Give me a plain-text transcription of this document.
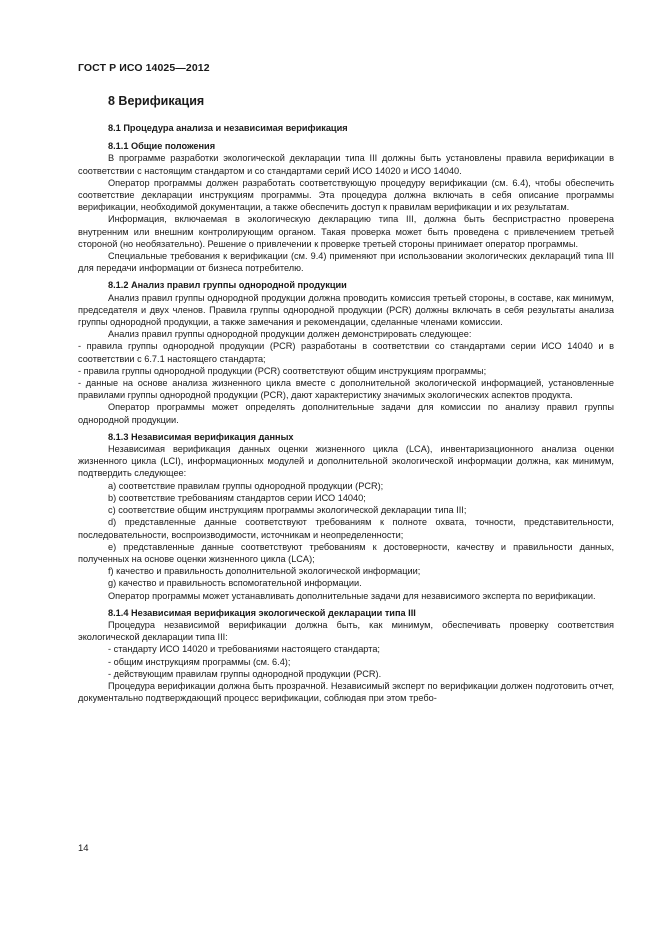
ГОСТ Р ИСО 14025—2012

8 Верификация

8.1 Процедура анализа и независимая верификация

8.1.1 Общие положения

В программе разработки экологической декларации типа III должны быть установлены правила верификации в соответствии с настоящим стандартом и со стандартами серий ИСО 14020 и ИСО 14040.

Оператор программы должен разработать соответствующую процедуру верификации (см. 6.4), чтобы обеспечить соответствие декларации инструкциям программы. Эта процедура должна включать в себя описание программы верификации, необходимой документации, а также обеспечить доступ к правилам верификации и их результатам.

Информация, включаемая в экологическую декларацию типа III, должна быть беспристрастно проверена внутренним или внешним контролирующим органом. Такая проверка может быть проведена с привлечением третьей стороной (но необязательно). Решение о привлечении к проверке третьей стороны принимает оператор программы.

Специальные требования к верификации (см. 9.4) применяют при использовании экологических деклараций типа III для передачи информации от бизнеса потребителю.

8.1.2 Анализ правил группы однородной продукции

Анализ правил группы однородной продукции должна проводить комиссия третьей стороны, в составе, как минимум, председателя и двух членов. Правила группы однородной продукции (PCR) должны включать в себя результаты анализа группы однородной продукции, а также замечания и рекомендации, сделанные членами комиссии.

Анализ правил группы однородной продукции должен демонстрировать следующее:

- правила группы однородной продукции (PCR) разработаны в соответствии со стандартами серии ИСО 14040 и в соответствии с 6.7.1 настоящего стандарта;

- правила группы однородной продукции (PCR) соответствуют общим инструкциям программы;

- данные на основе анализа жизненного цикла вместе с дополнительной экологической информацией, установленные правилами группы однородной продукции (PCR), дают характеристику значимых экологических аспектов продукта.

Оператор программы может определять дополнительные задачи для комиссии по анализу правил группы однородной продукции.

8.1.3 Независимая верификация данных

Независимая верификация данных оценки жизненного цикла (LCA), инвентаризационного анализа оценки жизненного цикла (LCI), информационных модулей и дополнительной экологической информации должна, как минимум, подтвердить следующее:

a) соответствие правилам группы однородной продукции (PCR);

b) соответствие требованиям стандартов серии ИСО 14040;

c) соответствие общим инструкциям программы экологической декларации типа III;

d) представленные данные соответствуют требованиям к полноте охвата, точности, представительности, последовательности, воспроизводимости, источникам и неопределенности;

e) представленные данные соответствуют требованиям к достоверности, качеству и правильности данных, полученных на основе оценки жизненного цикла (LCA);

f) качество и правильность дополнительной экологической информации;

g) качество и правильность вспомогательной информации.

Оператор программы может устанавливать дополнительные задачи для независимого эксперта по верификации.

8.1.4 Независимая верификация экологической декларации типа III

Процедура независимой верификации должна быть, как минимум, обеспечивать проверку соответствия экологической декларации типа III:

- стандарту ИСО 14020 и требованиями настоящего стандарта;

- общим инструкциям программы (см. 6.4);

- действующим правилам группы однородной продукции (PCR).

Процедура верификации должна быть прозрачной. Независимый эксперт по верификации должен подготовить отчет, документально подтверждающий процесс верификации, соблюдая при этом требо-

14
